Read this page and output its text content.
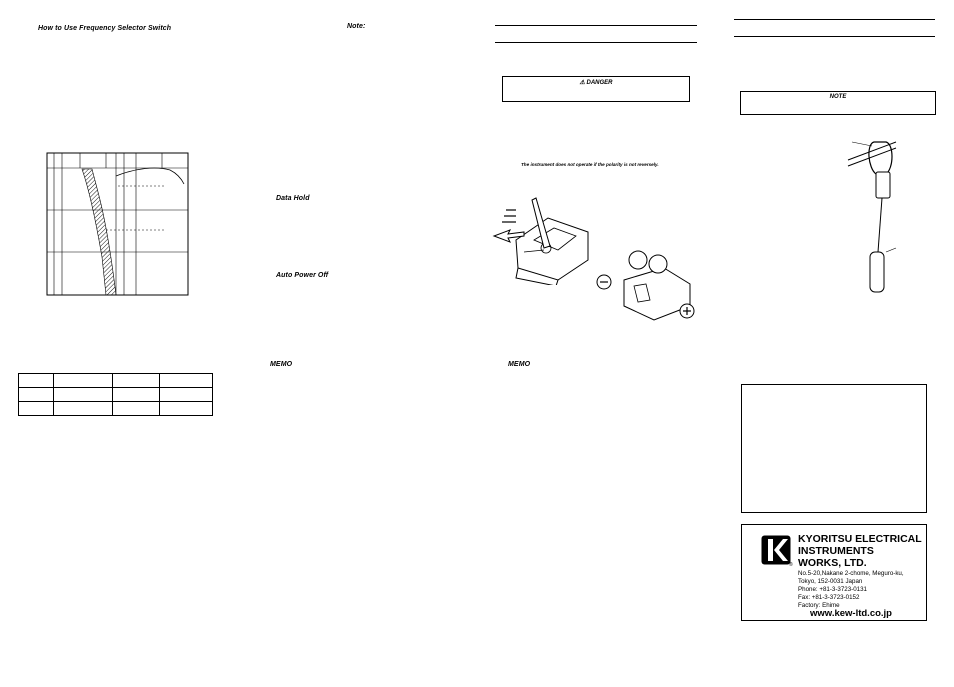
How to Use Frequency Selector Switch

				Note:
Data Hold
Auto Power Off
MEMO
⚠ DANGER
The instrument does not operate if the polarity is not reversely.
MEMO
NOTE
®
KYORITSU ELECTRICAL
INSTRUMENTS
WORKS, LTD.
No.5-20,Nakane 2-chome, Meguro-ku,
Tokyo, 152-0031 Japan
Phone: +81-3-3723-0131
Fax: +81-3-3723-0152
Factory: Ehime
www.kew-ltd.co.jp
